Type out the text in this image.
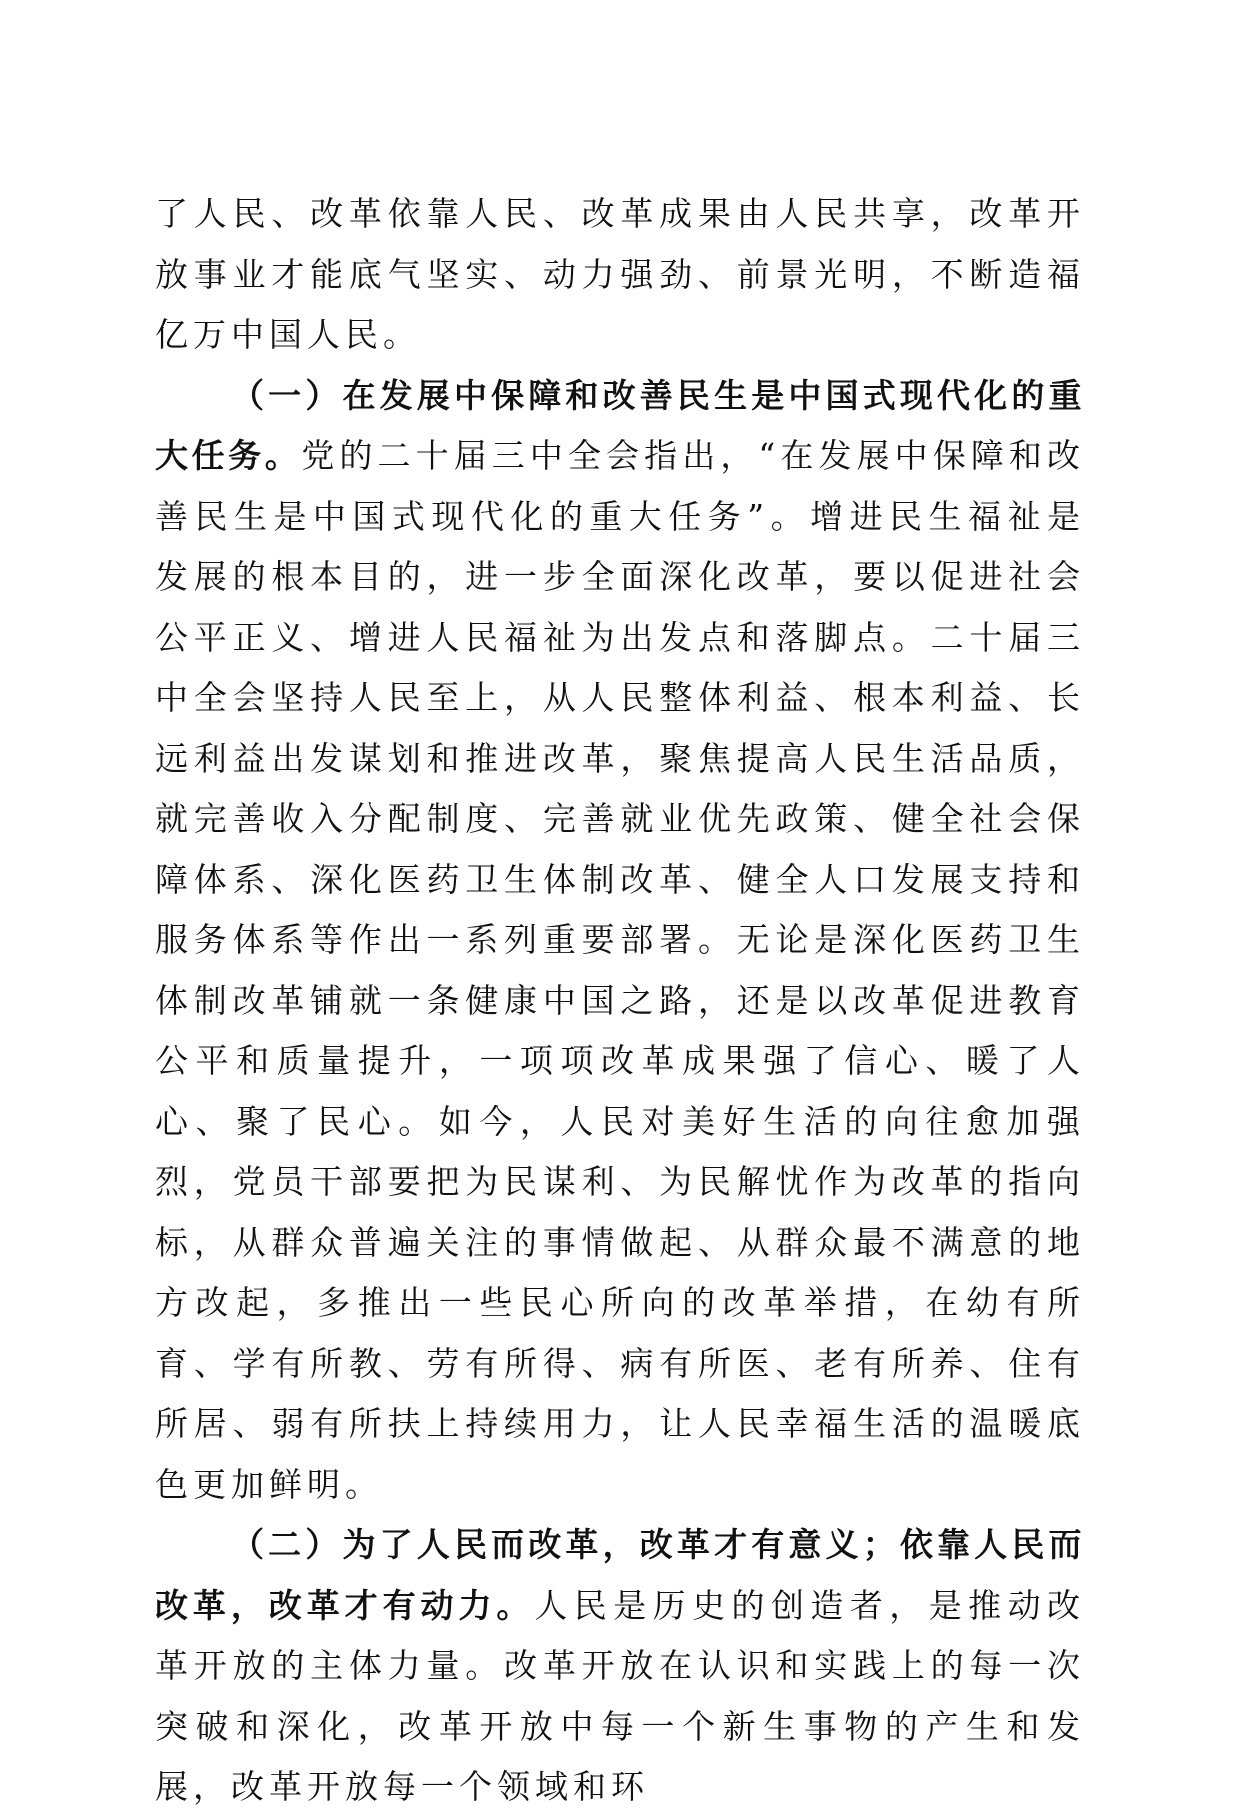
了人民、改革依靠人民、改革成果由人民共享，改革开放事业才能底气坚实、动力强劲、前景光明，不断造福亿万中国人民。

（一）在发展中保障和改善民生是中国式现代化的重大任务。党的二十届三中全会指出，“在发展中保障和改善民生是中国式现代化的重大任务”。增进民生福祉是发展的根本目的，进一步全面深化改革，要以促进社会公平正义、增进人民福祉为出发点和落脚点。二十届三中全会坚持人民至上，从人民整体利益、根本利益、长远利益出发谋划和推进改革，聚焦提高人民生活品质，就完善收入分配制度、完善就业优先政策、健全社会保障体系、深化医药卫生体制改革、健全人口发展支持和服务体系等作出一系列重要部署。无论是深化医药卫生体制改革铺就一条健康中国之路，还是以改革促进教育公平和质量提升，一项项改革成果强了信心、暖了人心、聚了民心。如今，人民对美好生活的向往愈加强烈，党员干部要把为民谋利、为民解忧作为改革的指向标，从群众普遍关注的事情做起、从群众最不满意的地方改起，多推出一些民心所向的改革举措，在幼有所育、学有所教、劳有所得、病有所医、老有所养、住有所居、弱有所扶上持续用力，让人民幸福生活的温暖底色更加鲜明。

（二）为了人民而改革，改革才有意义；依靠人民而改革，改革才有动力。人民是历史的创造者，是推动改革开放的主体力量。改革开放在认识和实践上的每一次突破和深化，改革开放中每一个新生事物的产生和发展，改革开放每一个领域和环
